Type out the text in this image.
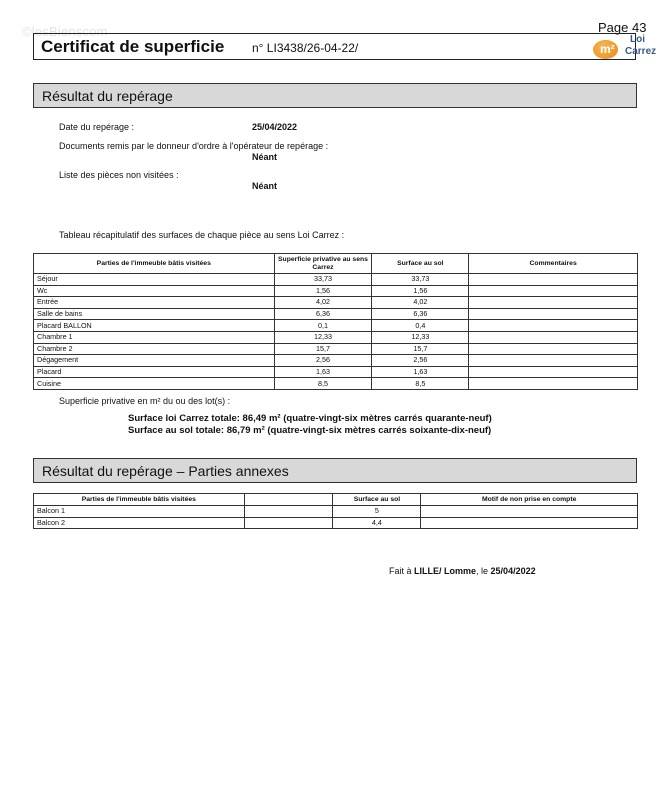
©lesBienscom	Page 43
Certificat de superficie n° LI3438/26-04-22/	m²
Loi
Carrez
Résultat du repérage
Date du repérage :	25/04/2022
Documents remis par le donneur d'ordre à l'opérateur de repérage :
Néant
Liste des pièces non visitées :
Néant
Tableau récapitulatif des surfaces de chaque pièce au sens Loi Carrez :
Parties de l'immeuble bâtis visitées	Superficie privative au sens Carrez	Surface au sol	Commentaires
Séjour	33,73	33,73	
Wc	1,56	1,56	
Entrée	4,02	4,02	
Salle de bains	6,36	6,36	
Placard BALLON	0,1	0,4	
Chambre 1	12,33	12,33	
Chambre 2	15,7	15,7	
Dégagement	2,56	2,56	
Placard	1,63	1,63	
Cuisine	8,5	8,5	
Superficie privative en m² du ou des lot(s) :
Surface loi Carrez totale: 86,49 m² (quatre-vingt-six mètres carrés quarante-neuf)
Surface au sol totale: 86,79 m² (quatre-vingt-six mètres carrés soixante-dix-neuf)
Résultat du repérage – Parties annexes
Parties de l'immeuble bâtis visitées		Surface au sol	Motif de non prise en compte
Balcon 1		5	
Balcon 2		4,4	
Fait à LILLE/ Lomme, le 25/04/2022
